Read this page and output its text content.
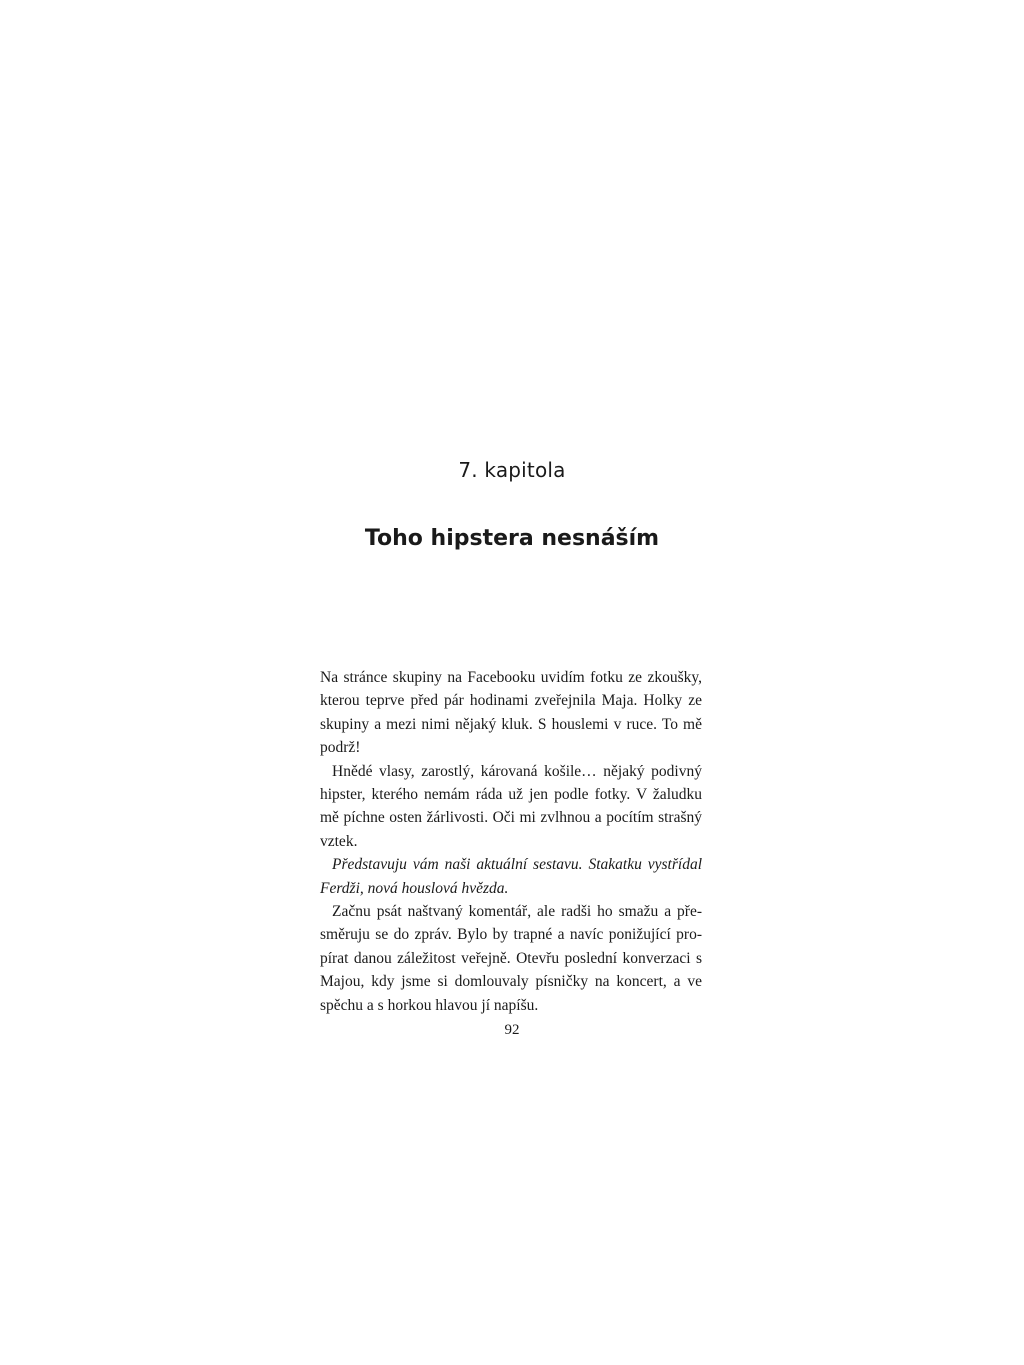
7. kapitola
Toho hipstera nesnáším

Na stránce skupiny na Facebooku uvidím fotku ze zkoušky, kterou teprve před pár hodinami zveřejnila Maja. Holky ze skupiny a mezi nimi nějaký kluk. S houslemi v ruce. To mě podrž!

Hnědé vlasy, zarostlý, károvaná košile… nějaký podivný hipster, kterého nemám ráda už jen podle fotky. V žaludku mě píchne osten žárlivosti. Oči mi zvlhnou a pocítím strašný vztek.

Představuju vám naši aktuální sestavu. Stakatku vystřídal Ferdži, nová houslová hvězda.

Začnu psát naštvaný komentář, ale radši ho smažu a přesměruju se do zpráv. Bylo by trapné a navíc ponižující propírat danou záležitost veřejně. Otevřu poslední konverzaci s Majou, kdy jsme si domlouvaly písničky na koncert, a ve spěchu a s horkou hlavou jí napíšu.

92
